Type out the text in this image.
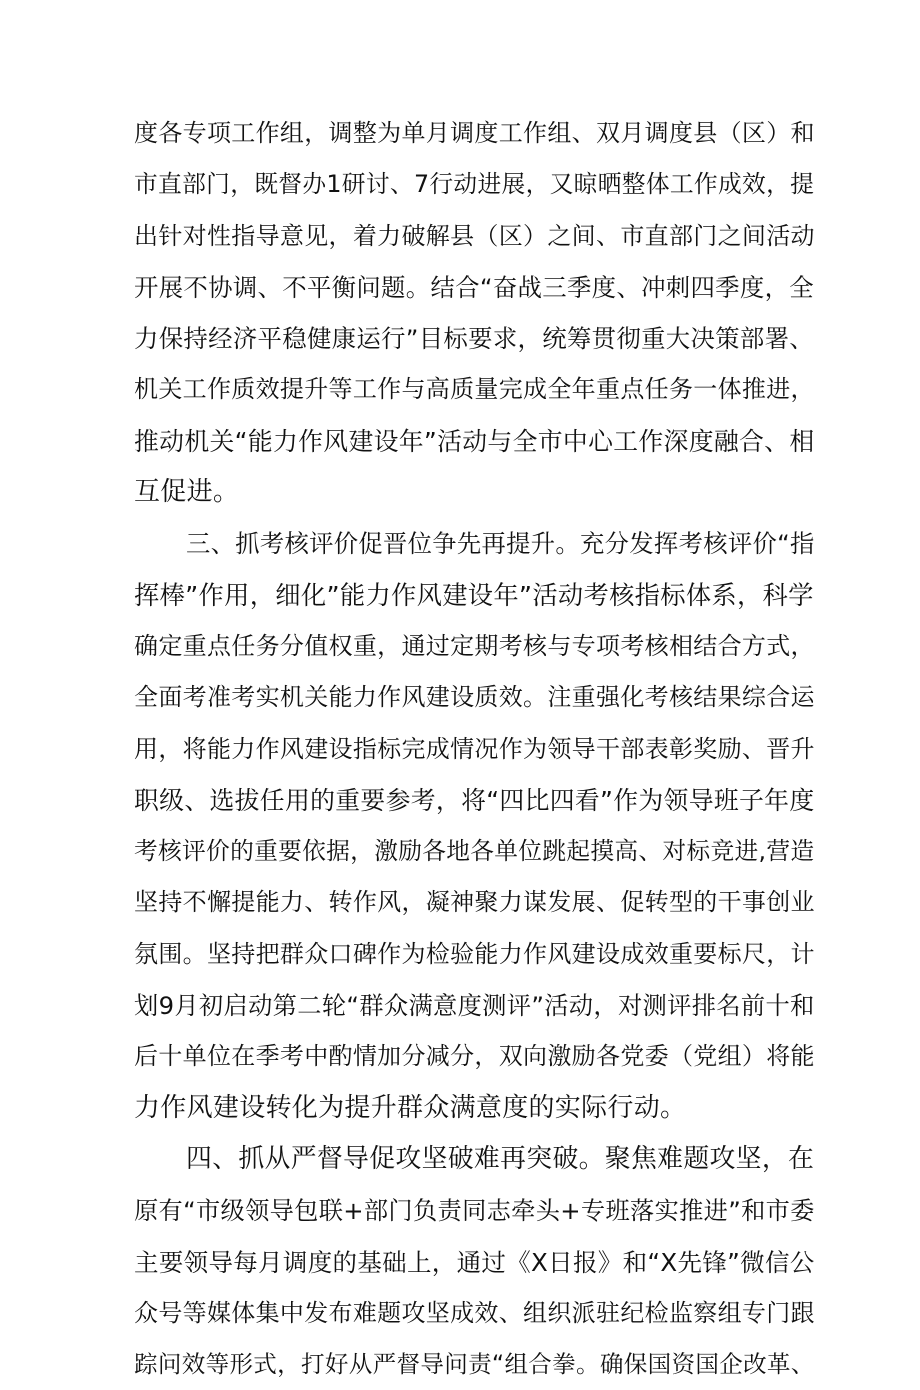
度各专项工作组，调整为单月调度工作组、双月调度县（区）和
市直部门，既督办1研讨、7行动进展，又晾晒整体工作成效，提
出针对性指导意见，着力破解县（区）之间、市直部门之间活动
开展不协调、不平衡问题。结合“奋战三季度、冲刺四季度，全
力保持经济平稳健康运行”目标要求，统筹贯彻重大决策部署、
机关工作质效提升等工作与高质量完成全年重点任务一体推进，
推动机关“能力作风建设年”活动与全市中心工作深度融合、相
互促进。
三、抓考核评价促晋位争先再提升。充分发挥考核评价“指
挥棒”作用，细化”能力作风建设年”活动考核指标体系，科学
确定重点任务分值权重，通过定期考核与专项考核相结合方式，
全面考准考实机关能力作风建设质效。注重强化考核结果综合运
用，将能力作风建设指标完成情况作为领导干部表彰奖励、晋升
职级、选拔任用的重要参考，将“四比四看”作为领导班子年度
考核评价的重要依据，激励各地各单位跳起摸高、对标竞进,营造
坚持不懈提能力、转作风，凝神聚力谋发展、促转型的干事创业
氛围。坚持把群众口碑作为检验能力作风建设成效重要标尺，计
划9月初启动第二轮“群众满意度测评”活动，对测评排名前十和
后十单位在季考中酌情加分减分，双向激励各党委（党组）将能
力作风建设转化为提升群众满意度的实际行动。
四、抓从严督导促攻坚破难再突破。聚焦难题攻坚，在
原有“市级领导包联+部门负责同志牵头+专班落实推进”和市委
主要领导每月调度的基础上，通过《X日报》和“X先锋”微信公
众号等媒体集中发布难题攻坚成效、组织派驻纪检监察组专门跟
踪问效等形式，打好从严督导问责“组合拳。确保国资国企改革、
